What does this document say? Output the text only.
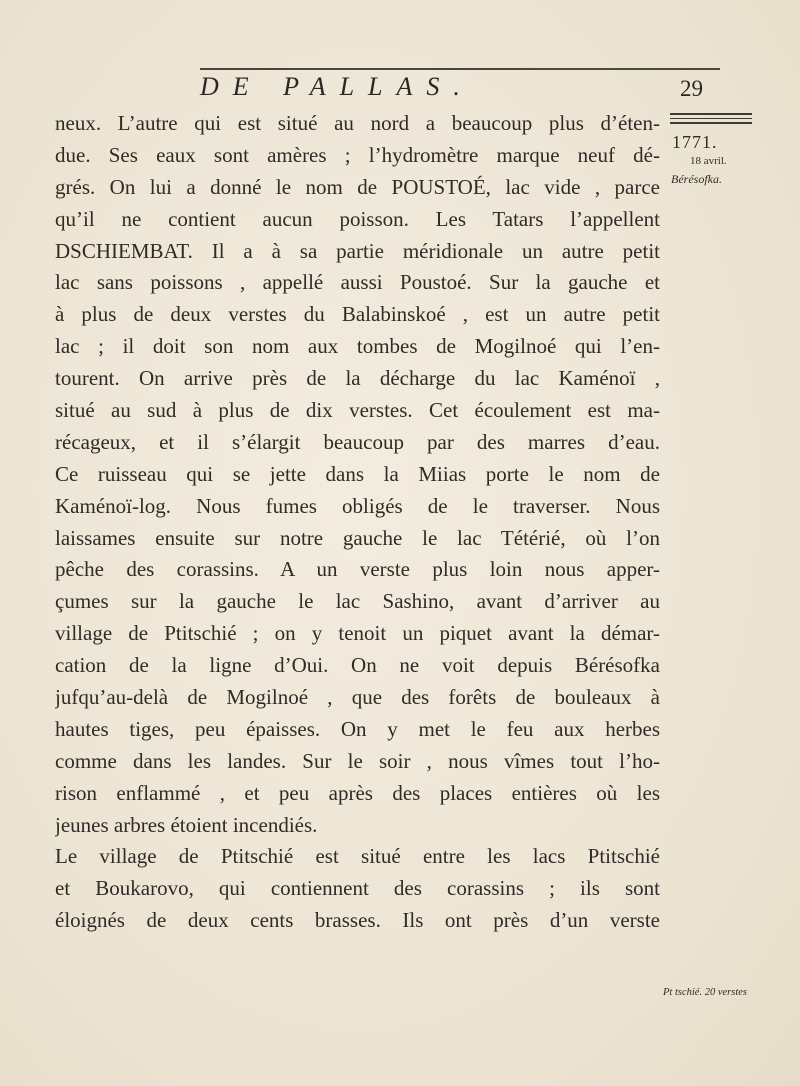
DE PALLAS.	29
1771.
18 avril.
Bérésofka.
Pt tschié. 20 verstes
neux. L’autre qui est situé au nord a beaucoup plus d’éten-
due. Ses eaux sont amères ; l’hydromètre marque neuf dé-
grés. On lui a donné le nom de POUSTOÉ, lac vide , parce
qu’il ne contient aucun poisson. Les Tatars l’appellent
DSCHIEMBAT. Il a à sa partie méridionale un autre petit
lac sans poissons , appellé aussi Poustoé. Sur la gauche et
à plus de deux verstes du Balabinskoé , est un autre petit
lac ; il doit son nom aux tombes de Mogilnoé qui l’en-
tourent. On arrive près de la décharge du lac Kaménoï ,
situé au sud à plus de dix verstes. Cet écoulement est ma-
récageux, et il s’élargit beaucoup par des marres d’eau.
Ce ruisseau qui se jette dans la Miias porte le nom de
Kaménoï-log. Nous fumes obligés de le traverser. Nous
laissames ensuite sur notre gauche le lac Tétérié, où l’on
pêche des corassins. A un verste plus loin nous apper-
çumes sur la gauche le lac Sashino, avant d’arriver au
village de Ptitschié ; on y tenoit un piquet avant la démar-
cation de la ligne d’Oui. On ne voit depuis Bérésofka
jufqu’au-delà de Mogilnoé , que des forêts de bouleaux à
hautes tiges, peu épaisses. On y met le feu aux herbes
comme dans les landes. Sur le soir , nous vîmes tout l’ho-
rison enflammé , et peu après des places entières où les
jeunes arbres étoient incendiés.
Le village de Ptitschié est situé entre les lacs Ptitschié
et Boukarovo, qui contiennent des corassins ; ils sont
éloignés de deux cents brasses. Ils ont près d’un verste
